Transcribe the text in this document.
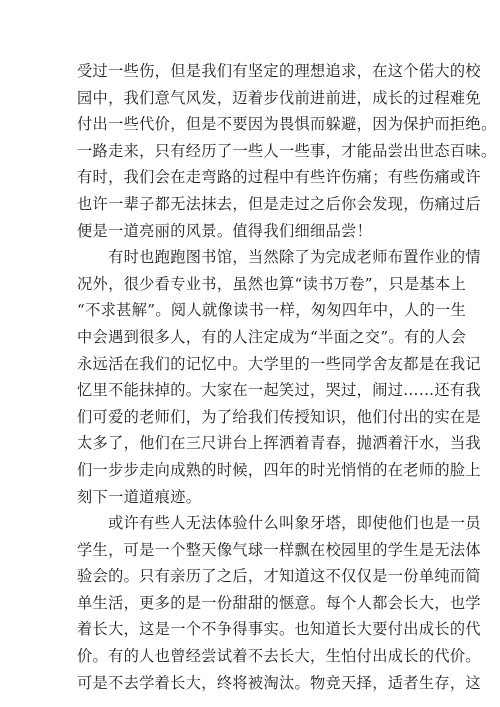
受过一些伤，但是我们有坚定的理想追求，在这个偌大的校
园中，我们意气风发，迈着步伐前进前进，成长的过程难免
付出一些代价，但是不要因为畏惧而躲避，因为保护而拒绝。
一路走来，只有经历了一些人一些事，才能品尝出世态百味。
有时，我们会在走弯路的过程中有些许伤痛；有些伤痛或许
也许一辈子都无法抹去，但是走过之后你会发现，伤痛过后
便是一道亮丽的风景。值得我们细细品尝！
　　有时也跑跑图书馆，当然除了为完成老师布置作业的情
况外，很少看专业书，虽然也算“读书万卷”，只是基本上
“不求甚解”。阅人就像读书一样，匆匆四年中，人的一生
中会遇到很多人，有的人注定成为“半面之交”。有的人会
永远活在我们的记忆中。大学里的一些同学舍友都是在我记
忆里不能抹掉的。大家在一起笑过，哭过，闹过……还有我
们可爱的老师们，为了给我们传授知识，他们付出的实在是
太多了，他们在三尺讲台上挥洒着青春，抛洒着汗水，当我
们一步步走向成熟的时候，四年的时光悄悄的在老师的脸上
刻下一道道痕迹。
　　或许有些人无法体验什么叫象牙塔，即使他们也是一员
学生，可是一个整天像气球一样飘在校园里的学生是无法体
验会的。只有亲历了之后，才知道这不仅仅是一份单纯而简
单生活，更多的是一份甜甜的惬意。每个人都会长大，也学
着长大，这是一个不争得事实。也知道长大要付出成长的代
价。有的人也曾经尝试着不去长大，生怕付出成长的代价。
可是不去学着长大，终将被淘汰。物竞天择，适者生存，这
